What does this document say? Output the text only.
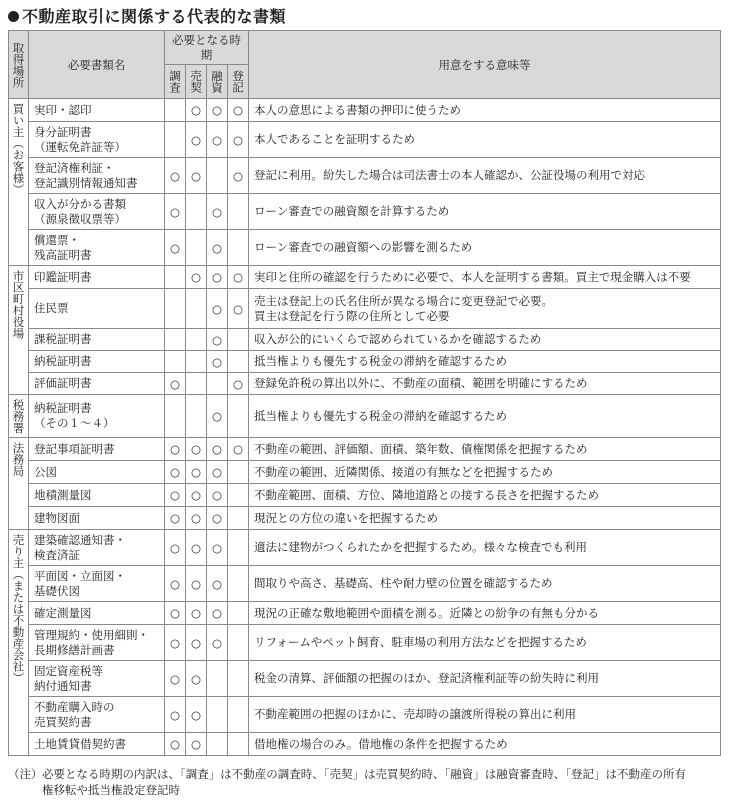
不動産取引に関係する代表的な書類
取得場所	必要書類名	必要となる時期				用意をする意味等

		調査	売契	融資	登記	

買い主（お客様）	実印・認印		○	○	○	本人の意思による書類の押印に使うため

	身分証明書
（運転免許証等）		○	○	○	本人であることを証明するため

	登記済権利証・
登記識別情報通知書	○	○		○	登記に利用。紛失した場合は司法書士の本人確認か、公証役場の利用で対応

	収入が分かる書類
（源泉徴収票等）	○		○		ローン審査での融資額を計算するため

	償還票・
残高証明書	○		○		ローン審査での融資額への影響を測るため

市区町村役場	印鑑証明書		○	○	○	実印と住所の確認を行うために必要で、本人を証明する書類。買主で現金購入は不要

	住民票			○	○	売主は登記上の氏名住所が異なる場合に変更登記で必要。
買主は登記を行う際の住所として必要

	課税証明書			○		収入が公的にいくらで認められているかを確認するため

	納税証明書			○		抵当権よりも優先する税金の滞納を確認するため

	評価証明書	○			○	登録免許税の算出以外に、不動産の面積、範囲を明確にするため

税務署	納税証明書
（その１～４）			○		抵当権よりも優先する税金の滞納を確認するため

法務局	登記事項証明書	○	○	○	○	不動産の範囲、評価額、面積、築年数、債権関係を把握するため

	公図	○	○	○		不動産の範囲、近隣関係、接道の有無などを把握するため

	地積測量図	○	○	○		不動産範囲、面積、方位、隣地道路との接する長さを把握するため

	建物図面	○	○	○		現況との方位の違いを把握するため

売り主（または不動産会社）	建築確認通知書・
検査済証	○	○	○		適法に建物がつくられたかを把握するため。様々な検査でも利用

	平面図・立面図・
基礎伏図	○	○	○		間取りや高さ、基礎高、柱や耐力壁の位置を確認するため

	確定測量図	○	○	○		現況の正確な敷地範囲や面積を測る。近隣との紛争の有無も分かる

	管理規約・使用細則・
長期修繕計画書	○	○	○		リフォームやペット飼育、駐車場の利用方法などを把握するため

	固定資産税等
納付通知書	○	○			税金の清算、評価額の把握のほか、登記済権利証等の紛失時に利用

	不動産購入時の
売買契約書	○	○			不動産範囲の把握のほかに、売却時の譲渡所得税の算出に利用

	土地賃貸借契約書	○	○			借地権の場合のみ。借地権の条件を把握するため
（注）必要となる時期の内訳は、「調査」は不動産の調査時、「売契」は売買契約時、「融資」は融資審査時、「登記」は不動産の所有
権移転や抵当権設定登記時
